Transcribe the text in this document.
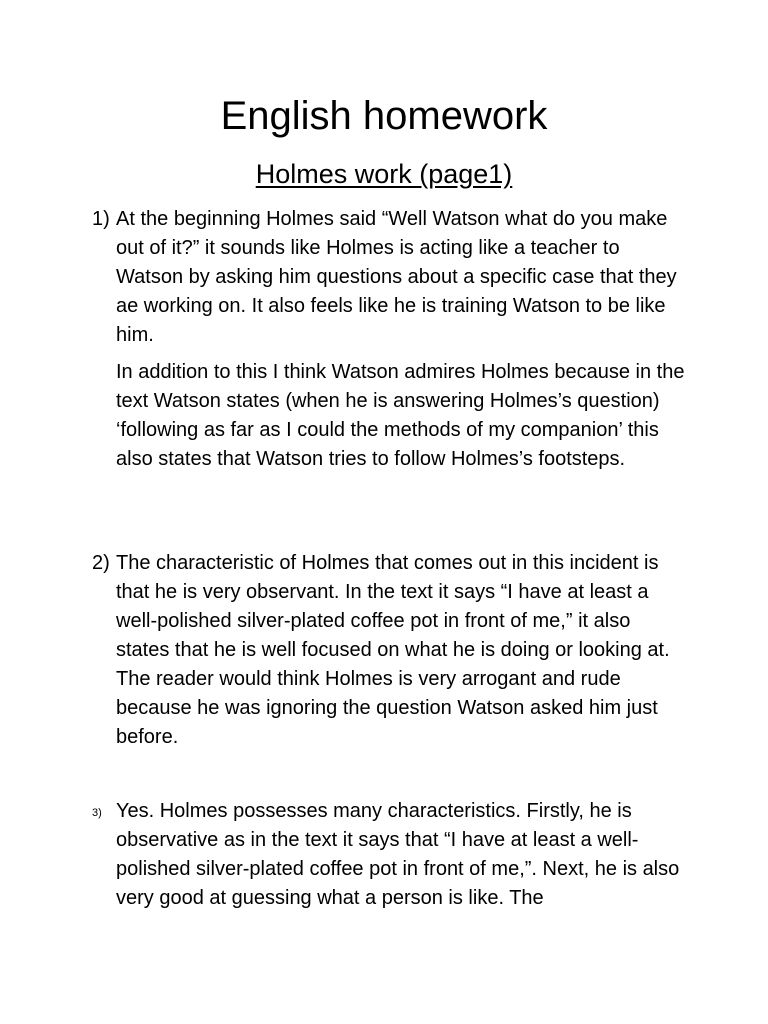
English homework
Holmes work (page1)
1) At the beginning Holmes said “Well Watson what do you make out of it?” it sounds like Holmes is acting like a teacher to Watson by asking him questions about a specific case that they ae working on. It also feels like he is training Watson to be like him.

In addition to this I think Watson admires Holmes because in the text Watson states (when he is answering Holmes’s question) ‘following as far as I could the methods of my companion’ this also states that Watson tries to follow Holmes’s footsteps.

2) The characteristic of Holmes that comes out in this incident is that he is very observant. In the text it says “I have at least a well-polished silver-plated coffee pot in front of me,” it also states that he is well focused on what he is doing or looking at. The reader would think Holmes is very arrogant and rude because he was ignoring the question Watson asked him just before.

3) Yes. Holmes possesses many characteristics. Firstly, he is observative as in the text it says that “I have at least a well-polished silver-plated coffee pot in front of me,”. Next, he is also very good at guessing what a person is like. The
